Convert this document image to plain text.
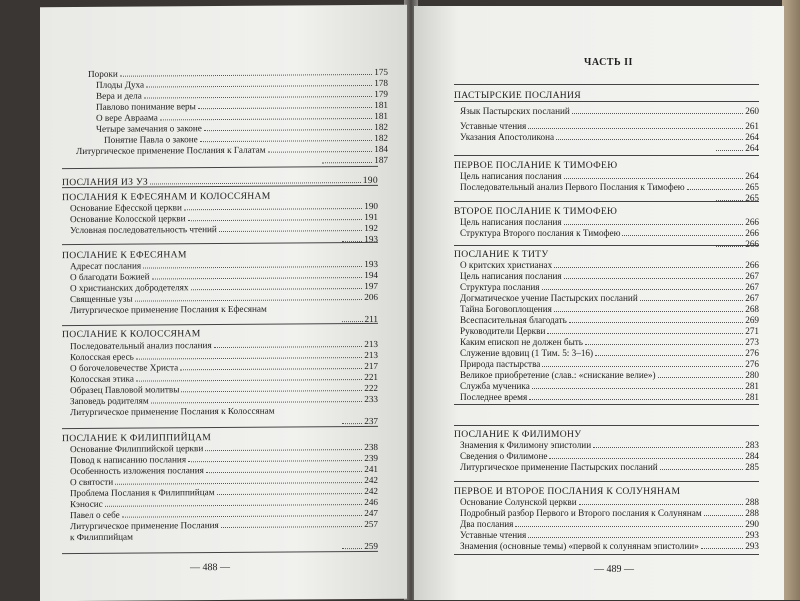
Пороки	175
Плоды Духа	178
Вера и дела	179
Павлово понимание веры	181
О вере Авраама	181
Четыре замечания о законе	182
Понятие Павла о законе	182
Литургическое применение Послания к Галатам	184
187
ПОСЛАНИЯ ИЗ УЗ	190
ПОСЛАНИЯ К ЕФЕСЯНАМ И КОЛОССЯНАМ
Основание Ефесской церкви	190
Основание Колосской церкви	191
Условная последовательность чтений	192
193
ПОСЛАНИЕ К ЕФЕСЯНАМ
Адресат послания	193
О благодати Божией	194
О христианских добродетелях	197
Священные узы	206
Литургическое применение Послания к Ефесянам
211
ПОСЛАНИЕ К КОЛОССЯНАМ
Последовательный анализ послания	213
Колосская ересь	213
О богочеловечестве Христа	217
Колосская этика	221
Образец Павловой молитвы	222
Заповедь родителям	233
Литургическое применение Послания к Колоссянам
237
ПОСЛАНИЕ К ФИЛИППИЙЦАМ
Основание Филиппийской церкви	238
Повод к написанию послания	239
Особенность изложения послания	241
О святости	242
Проблема Послания к Филиппийцам	242
Кэносис	246
Павел о себе	247
Литургическое применение Послания	257
к Филиппийцам
259
— 488 —
ЧАСТЬ II
ПАСТЫРСКИЕ ПОСЛАНИЯ
Язык Пастырских посланий	260
Уставные чтения	261
Указания Апостоликона	264
264
ПЕРВОЕ ПОСЛАНИЕ К ТИМОФЕЮ
Цель написания послания	264
Последовательный анализ Первого Послания к Тимофею	265
265
ВТОРОЕ ПОСЛАНИЕ К ТИМОФЕЮ
Цель написания послания	266
Структура Второго послания к Тимофею	266
266
ПОСЛАНИЕ К ТИТУ
О критских христианах	266
Цель написания послания	267
Структура послания	267
Догматическое учение Пастырских посланий	267
Тайна Боговоплощения	268
Всеспасительная благодать	269
Руководители Церкви	271
Каким епископ не должен быть	273
Служение вдовиц (1 Тим. 5: 3–16)	276
Природа пастырства	276
Великое приобретение (слав.: «снискание велие»)	280
Служба мученика	281
Последнее время	281
ПОСЛАНИЕ К ФИЛИМОНУ
Знамения к Филимону эпистолии	283
Сведения о Филимоне	284
Литургическое применение Пастырских посланий	285
ПЕРВОЕ И ВТОРОЕ ПОСЛАНИЯ К СОЛУНЯНАМ
Основание Солунской церкви	288
Подробный разбор Первого и Второго послания к Солунянам	288
Два послания	290
Уставные чтения	293
Знамения (основные темы) «первой к солунянам эпистолии»	293
— 489 —
